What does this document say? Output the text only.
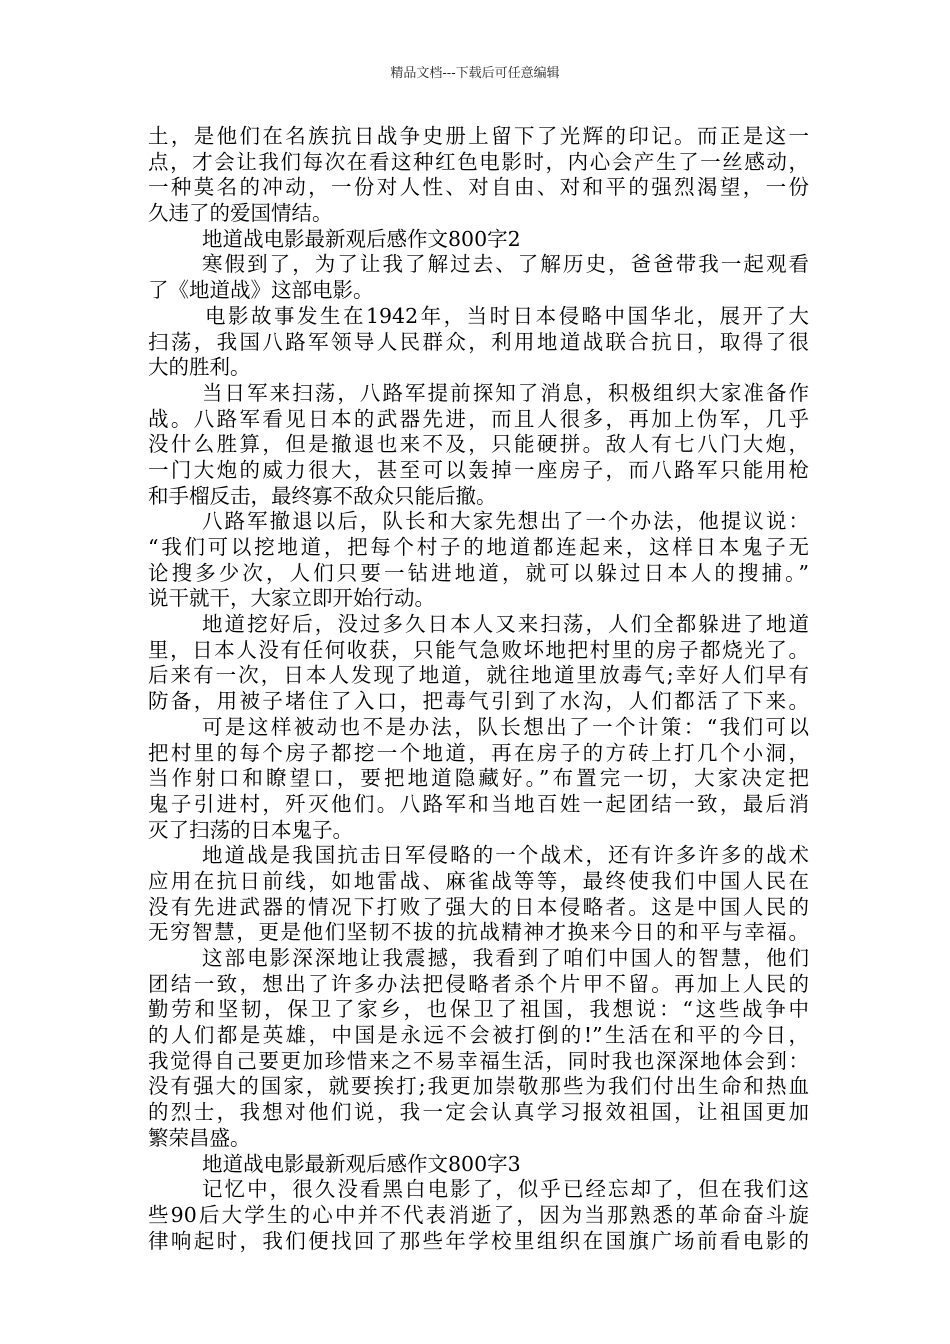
精品文档---下载后可任意编辑
土，是他们在名族抗日战争史册上留下了光辉的印记。而正是这一
点，才会让我们每次在看这种红色电影时，内心会产生了一丝感动，
一种莫名的冲动，一份对人性、对自由、对和平的强烈渴望，一份
久违了的爱国情结。
地道战电影最新观后感作文800字2
寒假到了，为了让我了解过去、了解历史，爸爸带我一起观看
了《地道战》这部电影。
电影故事发生在1942年，当时日本侵略中国华北，展开了大
扫荡，我国八路军领导人民群众，利用地道战联合抗日，取得了很
大的胜利。
当日军来扫荡，八路军提前探知了消息，积极组织大家准备作
战。八路军看见日本的武器先进，而且人很多，再加上伪军，几乎
没什么胜算，但是撤退也来不及，只能硬拼。敌人有七八门大炮，
一门大炮的威力很大，甚至可以轰掉一座房子，而八路军只能用枪
和手榴反击，最终寡不敌众只能后撤。
八路军撤退以后，队长和大家先想出了一个办法，他提议说：
“我们可以挖地道，把每个村子的地道都连起来，这样日本鬼子无
论搜多少次，人们只要一钻进地道，就可以躲过日本人的搜捕。”
说干就干，大家立即开始行动。
地道挖好后，没过多久日本人又来扫荡，人们全都躲进了地道
里，日本人没有任何收获，只能气急败坏地把村里的房子都烧光了。
后来有一次，日本人发现了地道，就往地道里放毒气;幸好人们早有
防备，用被子堵住了入口，把毒气引到了水沟，人们都活了下来。
可是这样被动也不是办法，队长想出了一个计策：“我们可以
把村里的每个房子都挖一个地道，再在房子的方砖上打几个小洞，
当作射口和瞭望口，要把地道隐藏好。”布置完一切，大家决定把
鬼子引进村，歼灭他们。八路军和当地百姓一起团结一致，最后消
灭了扫荡的日本鬼子。
地道战是我国抗击日军侵略的一个战术，还有许多许多的战术
应用在抗日前线，如地雷战、麻雀战等等，最终使我们中国人民在
没有先进武器的情况下打败了强大的日本侵略者。这是中国人民的
无穷智慧，更是他们坚韧不拔的抗战精神才换来今日的和平与幸福。
这部电影深深地让我震撼，我看到了咱们中国人的智慧，他们
团结一致，想出了许多办法把侵略者杀个片甲不留。再加上人民的
勤劳和坚韧，保卫了家乡，也保卫了祖国，我想说：“这些战争中
的人们都是英雄，中国是永远不会被打倒的!”生活在和平的今日，
我觉得自己要更加珍惜来之不易幸福生活，同时我也深深地体会到：
没有强大的国家，就要挨打;我更加崇敬那些为我们付出生命和热血
的烈士，我想对他们说，我一定会认真学习报效祖国，让祖国更加
繁荣昌盛。
地道战电影最新观后感作文800字3
记忆中，很久没看黑白电影了，似乎已经忘却了，但在我们这
些90后大学生的心中并不代表消逝了，因为当那熟悉的革命奋斗旋
律响起时，我们便找回了那些年学校里组织在国旗广场前看电影的
